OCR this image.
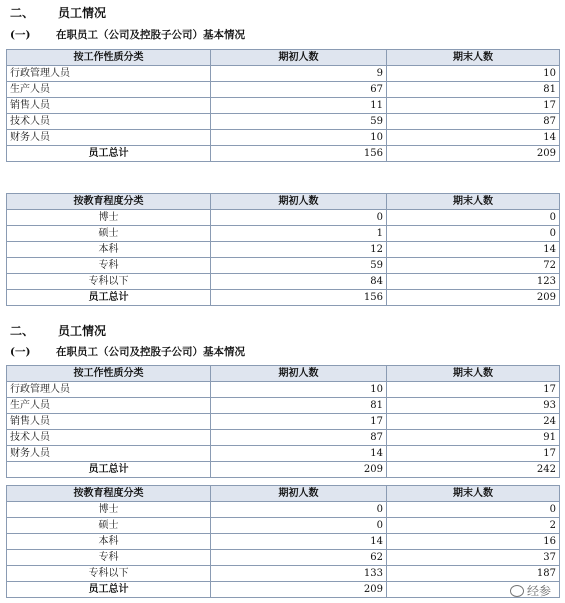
二、 员工情况
(一) 在职员工（公司及控股子公司）基本情况
按工作性质分类	期初人数	期末人数
行政管理人员	9	10
生产人员	67	81
销售人员	11	17
技术人员	59	87
财务人员	10	14
员工总计	156	209
按教育程度分类	期初人数	期末人数
博士	0	0
硕士	1	0
本科	12	14
专科	59	72
专科以下	84	123
员工总计	156	209
二、 员工情况
(一) 在职员工（公司及控股子公司）基本情况
按工作性质分类	期初人数	期末人数
行政管理人员	10	17
生产人员	81	93
销售人员	17	24
技术人员	87	91
财务人员	14	17
员工总计	209	242
按教育程度分类	期初人数	期末人数
博士	0	0
硕士	0	2
本科	14	16
专科	62	37
专科以下	133	187
员工总计	209		经参
